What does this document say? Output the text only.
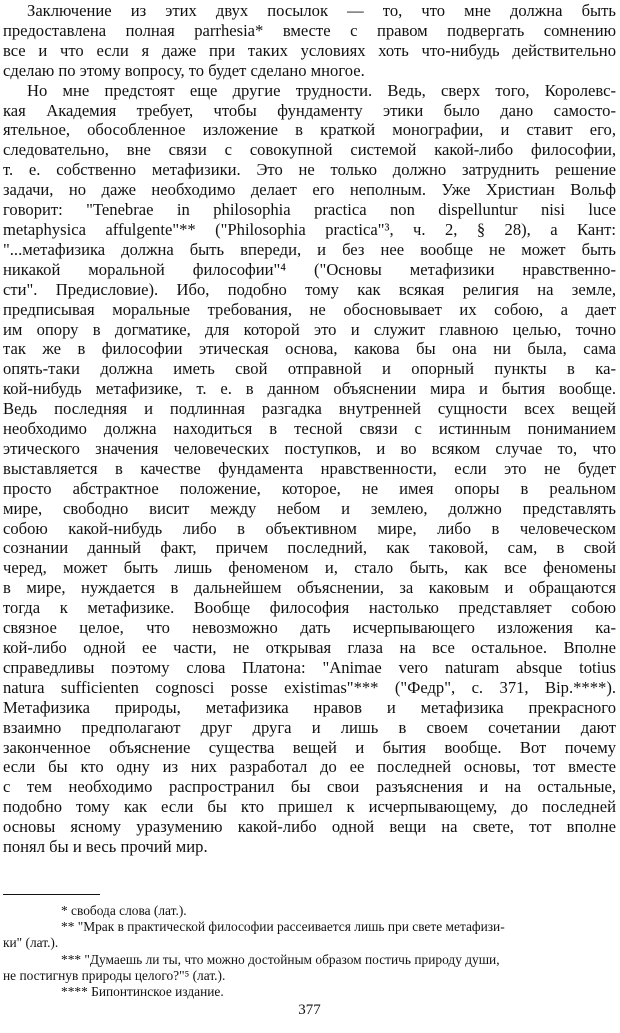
Заключение из этих двух посылок — то, что мне должна быть
предоставлена полная parrhesia* вместе с правом подвергать сомнению
все и что если я даже при таких условиях хоть что-нибудь действительно
сделаю по этому вопросу, то будет сделано многое.
Но мне предстоят еще другие трудности. Ведь, сверх того, Королевс-
кая Академия требует, чтобы фундаменту этики было дано самосто-
ятельное, обособленное изложение в краткой монографии, и ставит его,
следовательно, вне связи с совокупной системой какой-либо философии,
т. е. собственно метафизики. Это не только должно затруднить решение
задачи, но даже необходимо делает его неполным. Уже Христиан Вольф
говорит: "Tenebrae in philosophia practica non dispelluntur nisi luce
metaphysica affulgente"** ("Philosophia practica"³, ч. 2, § 28), а Кант:
"...метафизика должна быть впереди, и без нее вообще не может быть
никакой моральной философии"⁴ ("Основы метафизики нравственно-
сти". Предисловие). Ибо, подобно тому как всякая религия на земле,
предписывая моральные требования, не обосновывает их собою, а дает
им опору в догматике, для которой это и служит главною целью, точно
так же в философии этическая основа, какова бы она ни была, сама
опять-таки должна иметь свой отправной и опорный пункты в ка-
кой-нибудь метафизике, т. е. в данном объяснении мира и бытия вообще.
Ведь последняя и подлинная разгадка внутренней сущности всех вещей
необходимо должна находиться в тесной связи с истинным пониманием
этического значения человеческих поступков, и во всяком случае то, что
выставляется в качестве фундамента нравственности, если это не будет
просто абстрактное положение, которое, не имея опоры в реальном
мире, свободно висит между небом и землею, должно представлять
собою какой-нибудь либо в объективном мире, либо в человеческом
сознании данный факт, причем последний, как таковой, сам, в свой
черед, может быть лишь феноменом и, стало быть, как все феномены
в мире, нуждается в дальнейшем объяснении, за каковым и обращаются
тогда к метафизике. Вообще философия настолько представляет собою
связное целое, что невозможно дать исчерпывающего изложения ка-
кой-либо одной ее части, не открывая глаза на все остальное. Вполне
справедливы поэтому слова Платона: "Animae vero naturam absque totius
natura sufficienten cognosci posse existimas"*** ("Федр", с. 371, Bip.****).
Метафизика природы, метафизика нравов и метафизика прекрасного
взаимно предполагают друг друга и лишь в своем сочетании дают
законченное объяснение существа вещей и бытия вообще. Вот почему
если бы кто одну из них разработал до ее последней основы, тот вместе
с тем необходимо распространил бы свои разъяснения и на остальные,
подобно тому как если бы кто пришел к исчерпывающему, до последней
основы ясному уразумению какой-либо одной вещи на свете, тот вполне
понял бы и весь прочий мир.
* свобода слова (лат.).
** "Мрак в практической философии рассеивается лишь при свете метафизи-
ки" (лат.).
*** "Думаешь ли ты, что можно достойным образом постичь природу души,
не постигнув природы целого?"⁵ (лат.).
**** Бипонтинское издание.
377
